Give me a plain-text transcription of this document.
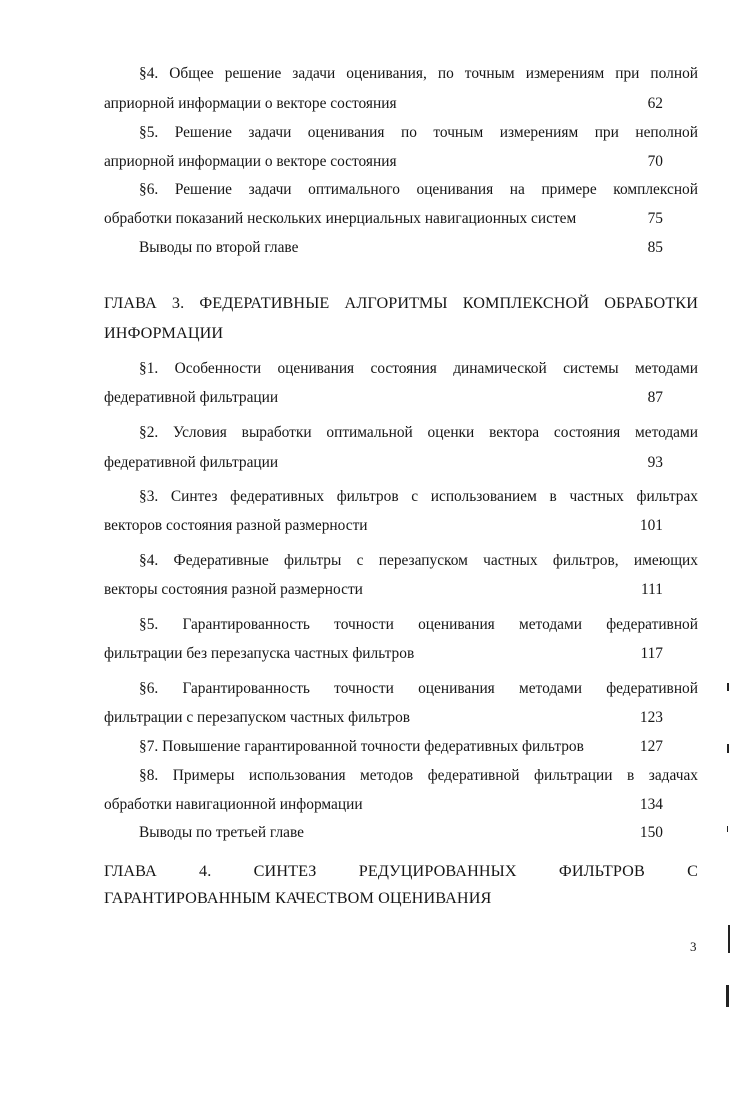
§4. Общее решение задачи оценивания, по точным измерениям при полной
априорной информации о векторе состояния	62
§5. Решение задачи оценивания по точным измерениям при неполной
априорной информации о векторе состояния	70
§6. Решение задачи оптимального оценивания на примере комплексной
обработки показаний нескольких инерциальных навигационных систем	75
Выводы по второй главе	85
ГЛАВА 3. ФЕДЕРАТИВНЫЕ АЛГОРИТМЫ КОМПЛЕКСНОЙ ОБРАБОТКИ
ИНФОРМАЦИИ
§1. Особенности оценивания состояния динамической системы методами
федеративной фильтрации	87
§2. Условия выработки оптимальной оценки вектора состояния методами
федеративной фильтрации	93
§3. Синтез федеративных фильтров с использованием в частных фильтрах
векторов состояния разной размерности	101
§4. Федеративные фильтры с перезапуском частных фильтров, имеющих
векторы состояния разной размерности	111
§5. Гарантированность точности оценивания методами федеративной
фильтрации без перезапуска частных фильтров	117
§6. Гарантированность точности оценивания методами федеративной
фильтрации с перезапуском частных фильтров	123
§7. Повышение гарантированной точности федеративных фильтров	127
§8. Примеры использования методов федеративной фильтрации в задачах
обработки навигационной информации	134
Выводы по третьей главе	150
ГЛАВА 4. СИНТЕЗ РЕДУЦИРОВАННЫХ ФИЛЬТРОВ С
ГАРАНТИРОВАННЫМ КАЧЕСТВОМ ОЦЕНИВАНИЯ
3
